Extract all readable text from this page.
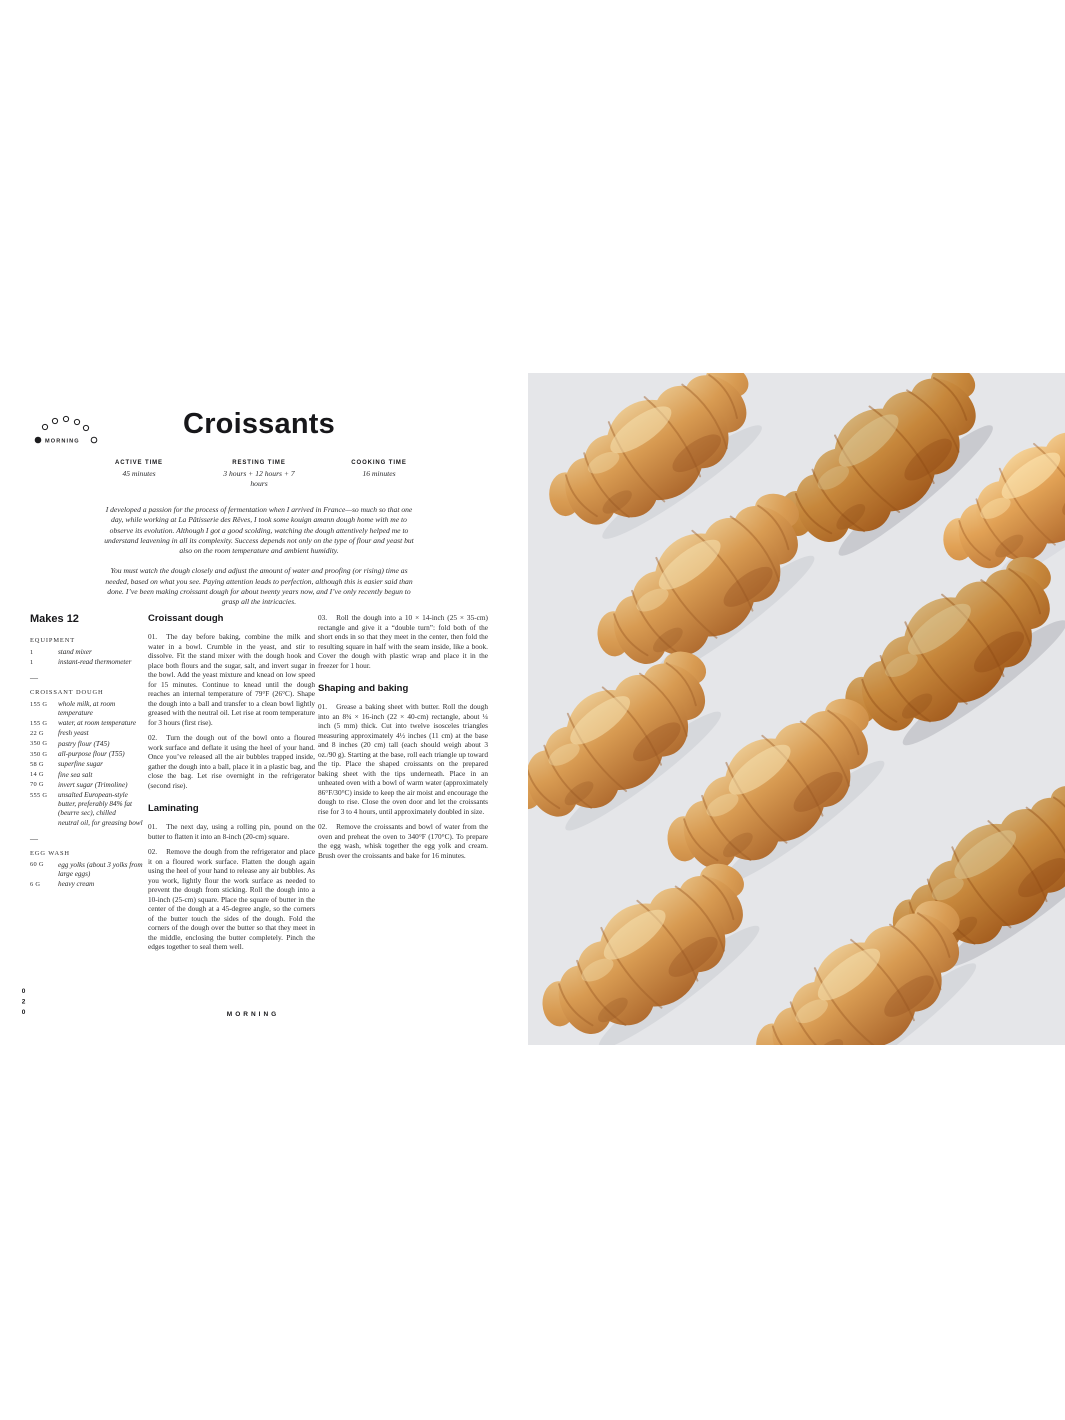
MORNING
Croissants
ACTIVE TIME
45 minutes
RESTING TIME
3 hours + 12 hours + 7 hours
COOKING TIME
16 minutes

I developed a passion for the process of fermentation when I arrived in France—so much so that one day, while working at La Pâtisserie des Rêves, I took some kouign amann dough home with me to observe its evolution. Although I got a good scolding, watching the dough attentively helped me to understand leavening in all its complexity. Success depends not only on the type of flour and yeast but also on the room temperature and ambient humidity.

You must watch the dough closely and adjust the amount of water and proofing (or rising) time as needed, based on what you see. Paying attention leads to perfection, although this is easier said than done. I’ve been making croissant dough for about twenty years now, and I’ve only recently begun to grasp all the intricacies.

Makes 12

EQUIPMENT

1	stand mixer
1	instant-read thermometer
—

CROISSANT DOUGH

155 G	whole milk, at room temperature
155 G	water, at room temperature
22 G	fresh yeast
350 G	pastry flour (T45)
350 G	all-purpose flour (T55)
58 G	superfine sugar
14 G	fine sea salt
70 G	invert sugar (Trimoline)
555 G	unsalted European-style butter, preferably 84% fat (beurre sec), chilled
neutral oil, for greasing bowl
—

EGG WASH

60 G	egg yolks (about 3 yolks from large eggs)
6 G	heavy cream

Croissant dough

01. The day before baking, combine the milk and water in a bowl. Crumble in the yeast, and stir to dissolve. Fit the stand mixer with the dough hook and place both flours and the sugar, salt, and invert sugar in the bowl. Add the yeast mixture and knead on low speed for 15 minutes. Continue to knead until the dough reaches an internal temperature of 79°F (26°C). Shape the dough into a ball and transfer to a clean bowl lightly greased with the neutral oil. Let rise at room temperature for 3 hours (first rise).

02. Turn the dough out of the bowl onto a floured work surface and deflate it using the heel of your hand. Once you’ve released all the air bubbles trapped inside, gather the dough into a ball, place it in a plastic bag, and close the bag. Let rise overnight in the refrigerator (second rise).

Laminating

01. The next day, using a rolling pin, pound on the butter to flatten it into an 8-inch (20-cm) square.

02. Remove the dough from the refrigerator and place it on a floured work surface. Flatten the dough again using the heel of your hand to release any air bubbles. As you work, lightly flour the work surface as needed to prevent the dough from sticking. Roll the dough into a 10-inch (25-cm) square. Place the square of butter in the center of the dough at a 45-degree angle, so the corners of the butter touch the sides of the dough. Fold the corners of the dough over the butter so that they meet in the middle, enclosing the butter completely. Pinch the edges together to seal them well.

03. Roll the dough into a 10 × 14-inch (25 × 35-cm) rectangle and give it a “double turn”: fold both of the short ends in so that they meet in the center, then fold the resulting square in half with the seam inside, like a book. Cover the dough with plastic wrap and place it in the freezer for 1 hour.

Shaping and baking

01. Grease a baking sheet with butter. Roll the dough into an 8¾ × 16-inch (22 × 40-cm) rectangle, about ¼ inch (5 mm) thick. Cut into twelve isosceles triangles measuring approximately 4½ inches (11 cm) at the base and 8 inches (20 cm) tall (each should weigh about 3 oz./90 g). Starting at the base, roll each triangle up toward the tip. Place the shaped croissants on the prepared baking sheet with the tips underneath. Place in an unheated oven with a bowl of warm water (approximately 86°F/30°C) inside to keep the air moist and encourage the dough to rise. Close the oven door and let the croissants rise for 3 to 4 hours, until approximately doubled in size.

02. Remove the croissants and bowl of water from the oven and preheat the oven to 340°F (170°C). To prepare the egg wash, whisk together the egg yolk and cream. Brush over the croissants and bake for 16 minutes.

020	MORNING
